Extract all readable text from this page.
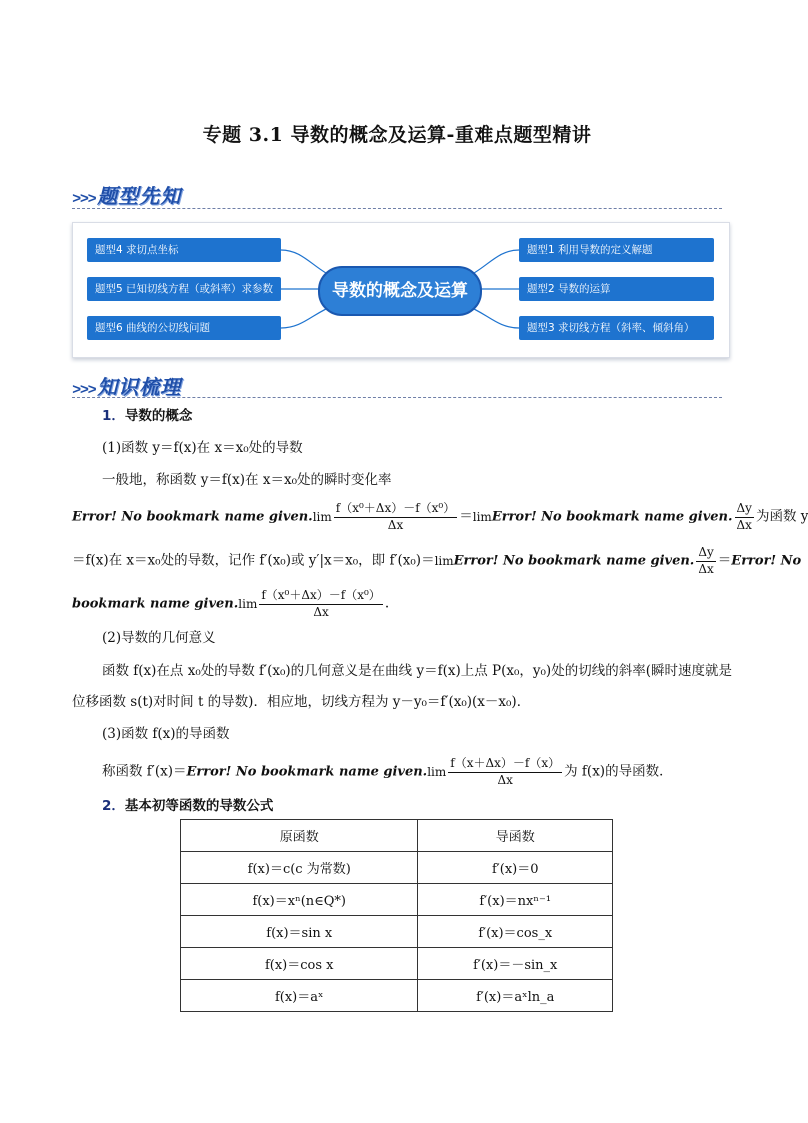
专题 3.1 导数的概念及运算-重难点题型精讲
>>> 题型先知
题型4 求切点坐标
题型5 已知切线方程（或斜率）求参数
题型6 曲线的公切线问题
导数的概念及运算
题型1 利用导数的定义解题
题型2 导数的运算
题型3 求切线方程（斜率、倾斜角）
>>> 知识梳理
1．导数的概念
(1)函数 y＝f(x)在 x＝x₀处的导数
一般地，称函数 y＝f(x)在 x＝x₀处的瞬时变化率
Error! No bookmark name given.lim $\frac{\text{f（x⁰＋Δx）－f（x⁰）}}{\Delta x}$ ＝limError! No bookmark name given. $\frac{\Delta y}{\Delta x}$ 为函数 y
＝f(x)在 x＝x₀处的导数，记作 f′(x₀)或 y′|x＝x₀，即 f′(x₀)＝limError! No bookmark name given. $\frac{\Delta y}{\Delta x}$ ＝Error! No
bookmark name given.lim $\frac{\text{f（x⁰＋Δx）－f（x⁰）}}{\Delta x}$ .
(2)导数的几何意义
函数 f(x)在点 x₀处的导数 f′(x₀)的几何意义是在曲线 y＝f(x)上点 P(x₀，y₀)处的切线的斜率(瞬时速度就是
位移函数 s(t)对时间 t 的导数)．相应地，切线方程为 y－y₀＝f′(x₀)(x－x₀)．
(3)函数 f(x)的导函数
称函数 f′(x)＝Error! No bookmark name given.lim $\frac{f(x+\Delta x)-f(x)}{\Delta x}$ 为 f(x)的导函数．
2．基本初等函数的导数公式
原函数	导函数
f(x)＝c(c 为常数)	f′(x)＝0
f(x)＝xⁿ(n∈Q*)	f′(x)＝nxⁿ⁻¹
f(x)＝sin x	f′(x)＝cos_x
f(x)＝cos x	f′(x)＝－sin_x
f(x)＝aˣ	f′(x)＝aˣln_a
